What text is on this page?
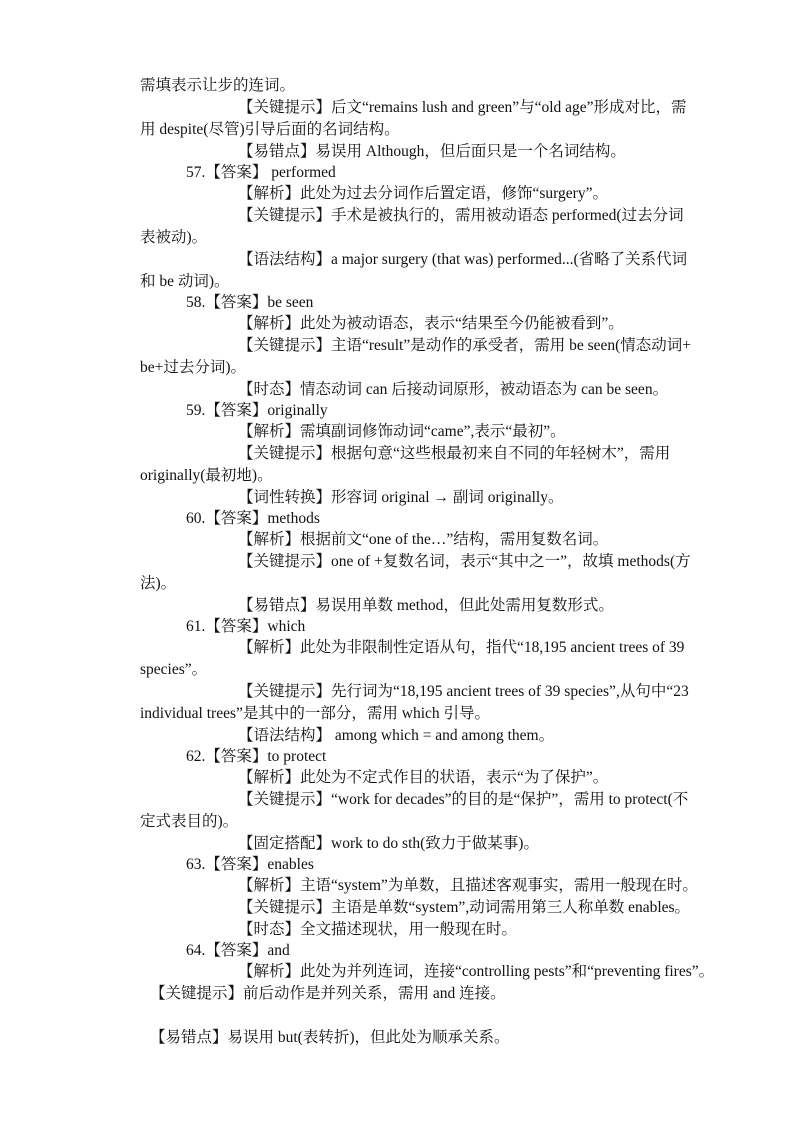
需填表示让步的连词。
【关键提示】后文“remains lush and green”与“old age”形成对比，需
用 despite(尽管)引导后面的名词结构。
【易错点】易误用 Although，但后面只是一个名词结构。
57.【答案】 performed
【解析】此处为过去分词作后置定语，修饰“surgery”。
【关键提示】手术是被执行的，需用被动语态 performed(过去分词
表被动)。
【语法结构】a major surgery (that was) performed...(省略了关系代词
和 be 动词)。
58.【答案】be seen
【解析】此处为被动语态，表示“结果至今仍能被看到”。
【关键提示】主语“result”是动作的承受者，需用 be seen(情态动词+
be+过去分词)。
【时态】情态动词 can 后接动词原形，被动语态为 can be seen。
59.【答案】originally
【解析】需填副词修饰动词“came”,表示“最初”。
【关键提示】根据句意“这些根最初来自不同的年轻树木”，需用
originally(最初地)。
【词性转换】形容词 original → 副词 originally。
60.【答案】methods
【解析】根据前文“one of the…”结构，需用复数名词。
【关键提示】one of +复数名词，表示“其中之一”，故填 methods(方
法)。
【易错点】易误用单数 method，但此处需用复数形式。
61.【答案】which
【解析】此处为非限制性定语从句，指代“18,195 ancient trees of 39
species”。
【关键提示】先行词为“18,195 ancient trees of 39 species”,从句中“23
individual trees”是其中的一部分，需用 which 引导。
【语法结构】 among which = and among them。
62.【答案】to protect
【解析】此处为不定式作目的状语，表示“为了保护”。
【关键提示】“work for decades”的目的是“保护”，需用 to protect(不
定式表目的)。
【固定搭配】work to do sth(致力于做某事)。
63.【答案】enables
【解析】主语“system”为单数，且描述客观事实，需用一般现在时。
【关键提示】主语是单数“system”,动词需用第三人称单数 enables。
【时态】全文描述现状，用一般现在时。
64.【答案】and
【解析】此处为并列连词，连接“controlling pests”和“preventing fires”。
【关键提示】前后动作是并列关系，需用 and 连接。
【易错点】易误用 but(表转折)，但此处为顺承关系。
